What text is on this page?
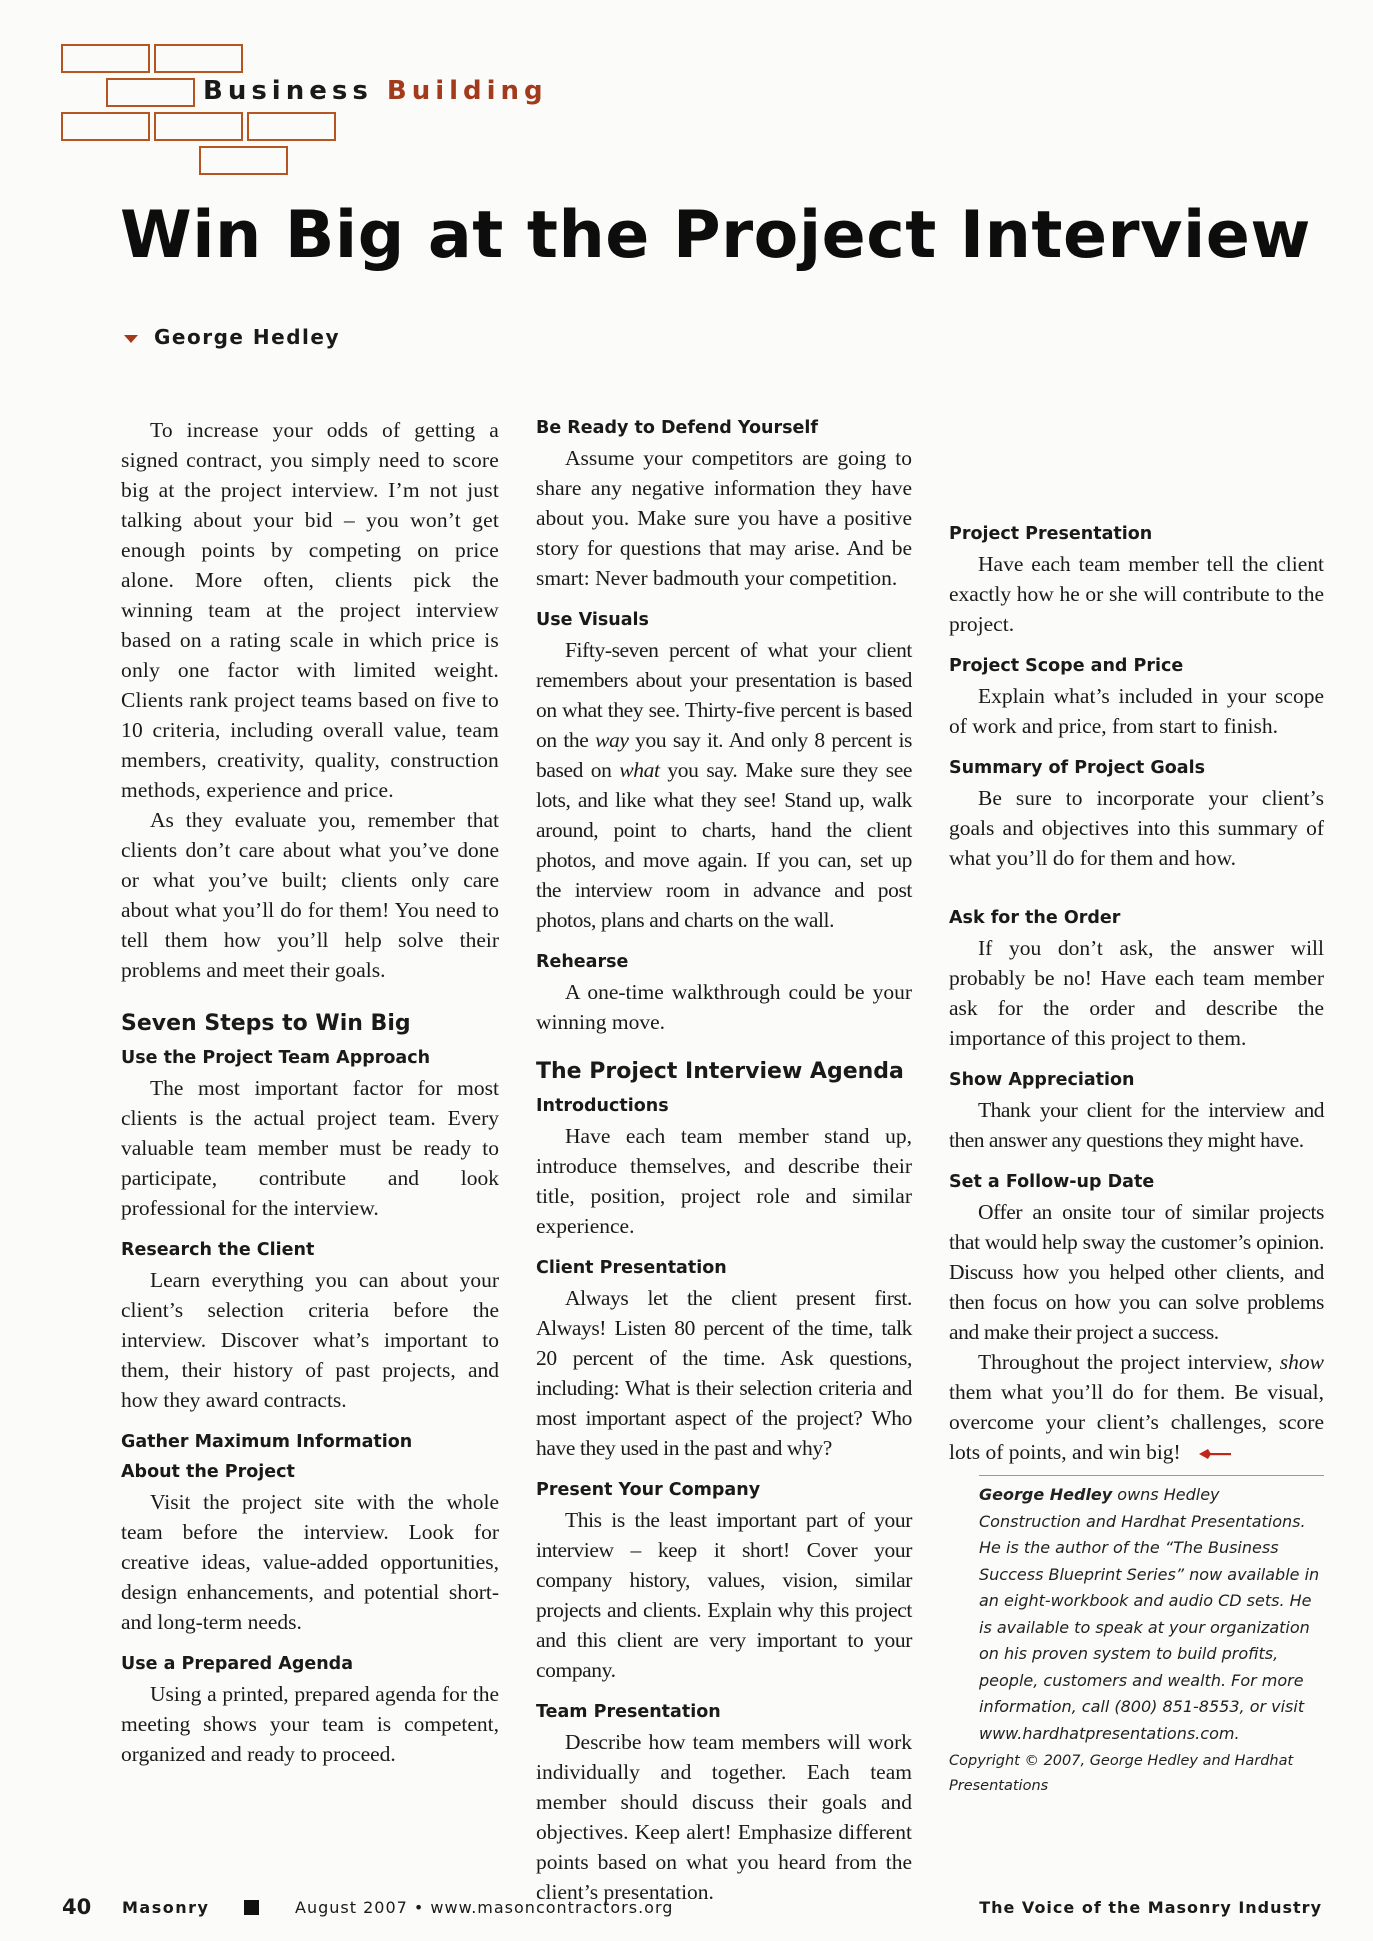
Business Building
Win Big at the Project Interview
George Hedley

To increase your odds of getting a signed contract, you simply need to score big at the project interview. I’m not just talking about your bid – you won’t get enough points by competing on price alone. More often, clients pick the winning team at the project interview based on a rating scale in which price is only one factor with limited weight. Clients rank project teams based on five to 10 criteria, including overall value, team members, creativity, quality, construction methods, experience and price.

As they evaluate you, remember that clients don’t care about what you’ve done or what you’ve built; clients only care about what you’ll do for them! You need to tell them how you’ll help solve their problems and meet their goals.

Seven Steps to Win Big
Use the Project Team Approach

The most important factor for most clients is the actual project team. Every valuable team member must be ready to participate, contribute and look professional for the interview.

Research the Client

Learn everything you can about your client’s selection criteria before the interview. Discover what’s important to them, their history of past projects, and how they award contracts.

Gather Maximum Information About the Project

Visit the project site with the whole team before the interview. Look for creative ideas, value-added opportunities, design enhancements, and potential short- and long-term needs.

Use a Prepared Agenda

Using a printed, prepared agenda for the meeting shows your team is competent, organized and ready to proceed.

Be Ready to Defend Yourself

Assume your competitors are going to share any negative information they have about you. Make sure you have a positive story for questions that may arise. And be smart: Never badmouth your competition.

Use Visuals

Fifty-seven percent of what your client remembers about your presentation is based on what they see. Thirty-five percent is based on the way you say it. And only 8 percent is based on what you say. Make sure they see lots, and like what they see! Stand up, walk around, point to charts, hand the client photos, and move again. If you can, set up the interview room in advance and post photos, plans and charts on the wall.

Rehearse

A one-time walkthrough could be your winning move.

The Project Interview Agenda
Introductions

Have each team member stand up, introduce themselves, and describe their title, position, project role and similar experience.

Client Presentation

Always let the client present first. Always! Listen 80 percent of the time, talk 20 percent of the time. Ask questions, including: What is their selection criteria and most important aspect of the project? Who have they used in the past and why?

Present Your Company

This is the least important part of your interview – keep it short! Cover your company history, values, vision, similar projects and clients. Explain why this project and this client are very important to your company.

Team Presentation

Describe how team members will work individually and together. Each team member should discuss their goals and objectives. Keep alert! Emphasize different points based on what you heard from the client’s presentation.

Project Presentation

Have each team member tell the client exactly how he or she will contribute to the project.

Project Scope and Price

Explain what’s included in your scope of work and price, from start to finish.

Summary of Project Goals

Be sure to incorporate your client’s goals and objectives into this summary of what you’ll do for them and how.

Ask for the Order

If you don’t ask, the answer will probably be no! Have each team member ask for the order and describe the importance of this project to them.

Show Appreciation

Thank your client for the interview and then answer any questions they might have.

Set a Follow-up Date

Offer an onsite tour of similar projects that would help sway the customer’s opinion. Discuss how you helped other clients, and then focus on how you can solve problems and make their project a success.

Throughout the project interview, show them what you’ll do for them. Be visual, overcome your client’s challenges, score lots of points, and win big!

George Hedley owns Hedley Construction and Hardhat Presentations. He is the author of the “The Business Success Blueprint Series” now available in an eight-workbook and audio CD sets. He is available to speak at your organization on his proven system to build profits, people, customers and wealth. For more information, call (800) 851-8553, or visit www.hardhatpresentations.com.

Copyright © 2007, George Hedley and Hardhat Presentations

40 Masonry	August 2007 • www.masoncontractors.org	The Voice of the Masonry Industry
